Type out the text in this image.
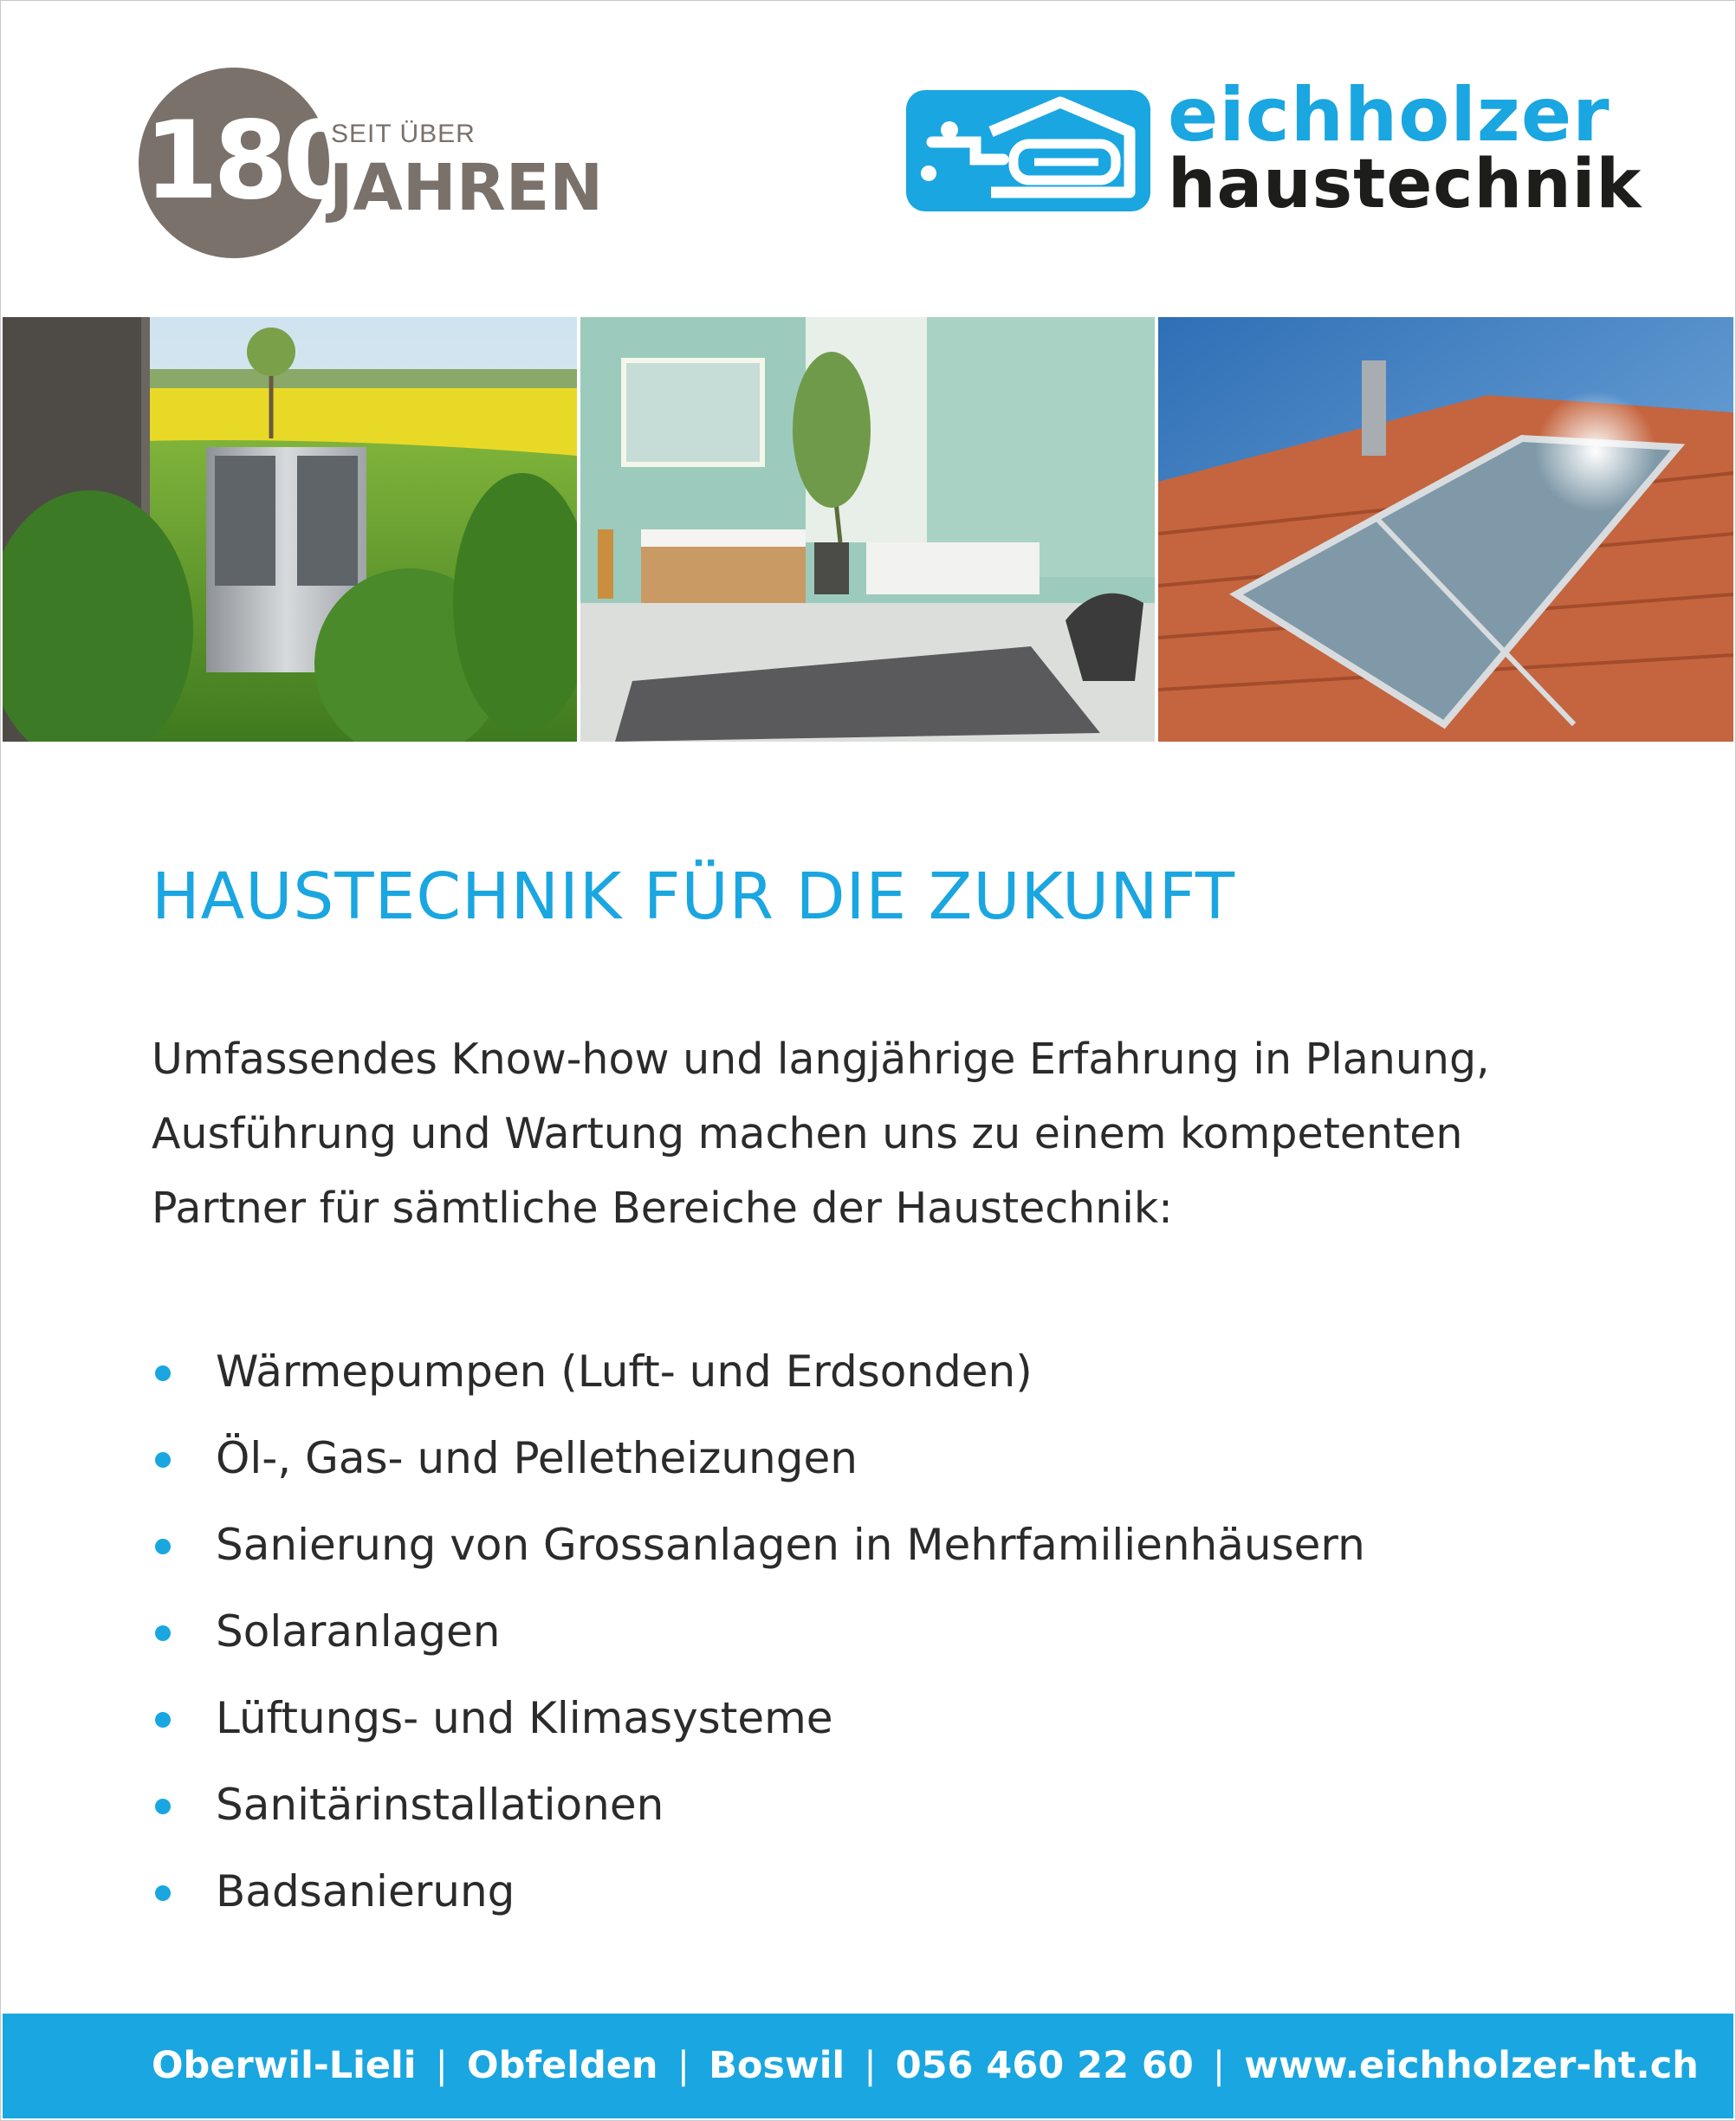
180
SEIT ÜBER
JAHREN
eichholzer
haustechnik
HAUSTECHNIK FÜR DIE ZUKUNFT
Umfassendes Know-how und langjährige Erfahrung in Planung,
Ausführung und Wartung machen uns zu einem kompetenten
Partner für sämtliche Bereiche der Haustechnik:
Wärmepumpen (Luft- und Erdsonden)
Öl-, Gas- und Pelletheizungen
Sanierung von Grossanlagen in Mehrfamilienhäusern
Solaranlagen
Lüftungs- und Klimasysteme
Sanitärinstallationen
Badsanierung
Oberwil-Lieli | Obfelden | Boswil | 056 460 22 60 | www.eichholzer-ht.ch
